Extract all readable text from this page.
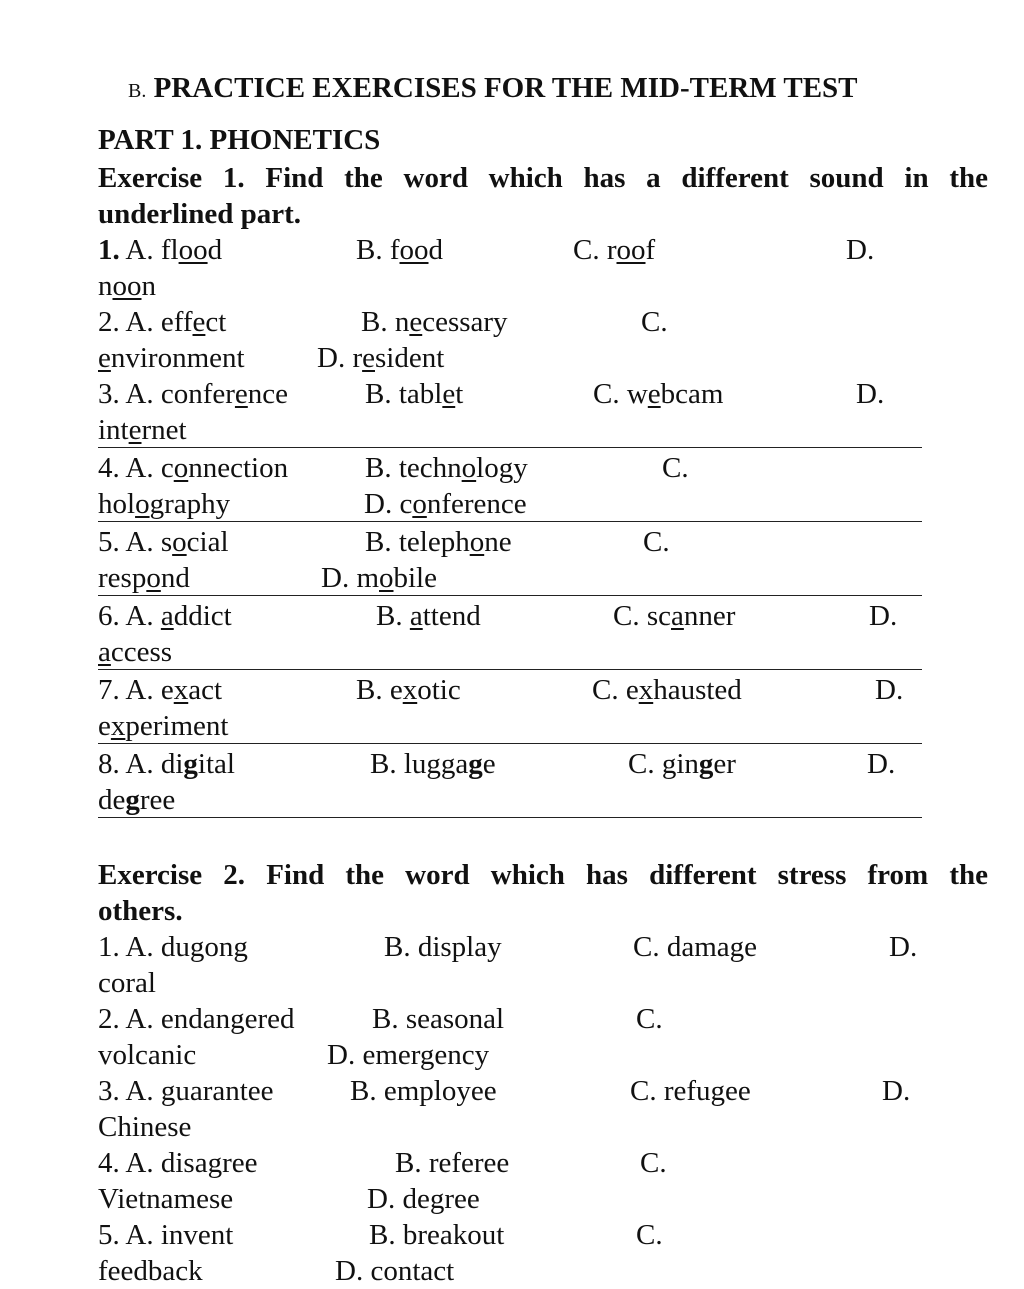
B. PRACTICE EXERCISES FOR THE MID-TERM TEST
PART 1. PHONETICS
Exercise 1. Find the word which has a different sound in the
underlined part.
1. A. flood	B. food	C. roof	D.
noon
2. A. effect	B. necessary	C.
environment D. resident
3. A. conference	B. tablet	C. webcam	D.
internet
4. A. connection	B. technology	C.
holography	D. conference
5. A. social	B. telephone	C.
respond	D. mobile
6. A. addict	B. attend	C. scanner	D.
access
7. A. exact	B. exotic	C. exhausted	D.
experiment
8. A. digital	B. luggage	C. ginger	D.
degree
Exercise 2. Find the word which has different stress from the
others.
1. A. dugong	B. display	C. damage	D.
coral
2. A. endangered	B. seasonal	C.
volcanic	D. emergency
3. A. guarantee	B. employee	C. refugee	D.
Chinese
4. A. disagree	B. referee	C.
Vietnamese	D. degree
5. A. invent	B. breakout	C.
feedback	D. contact
